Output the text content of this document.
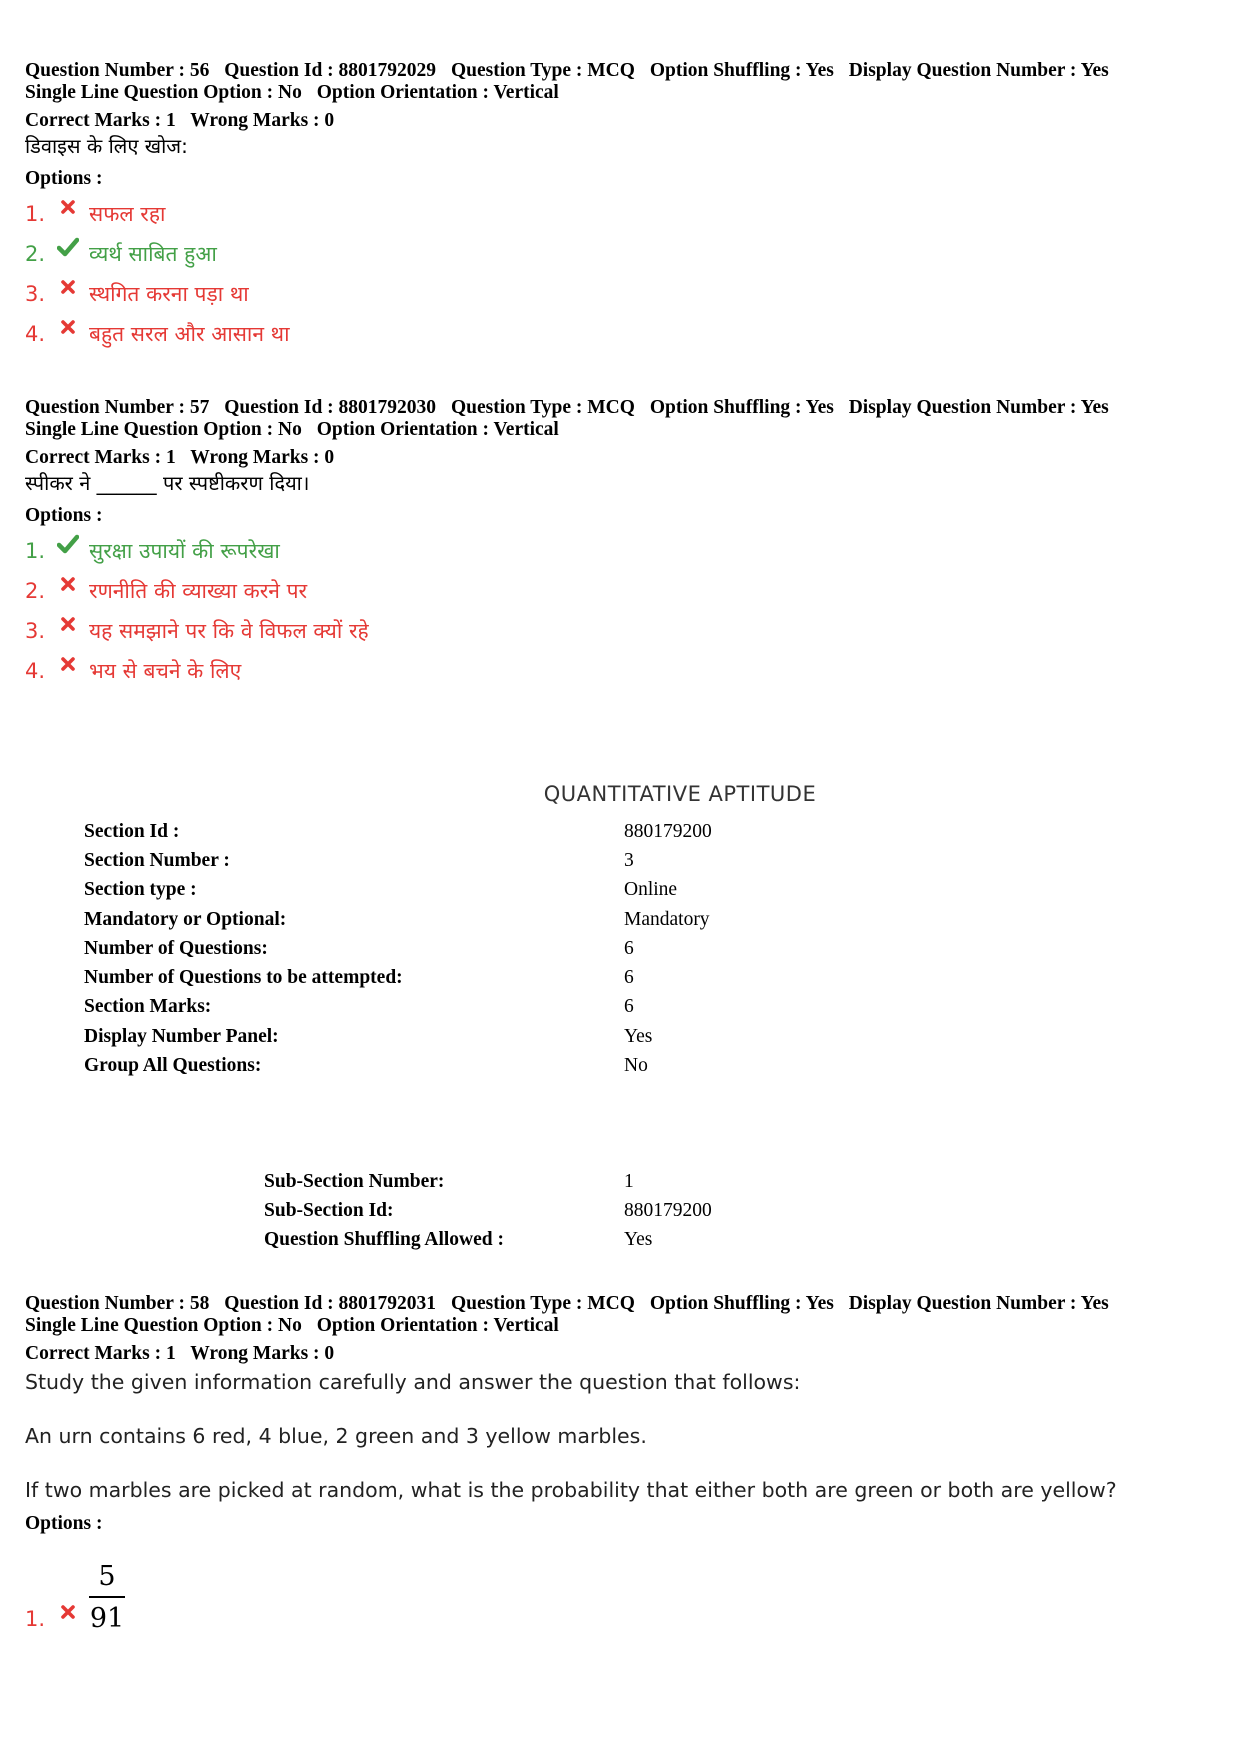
Question Number : 56 Question Id : 8801792029 Question Type : MCQ Option Shuffling : Yes Display Question Number : Yes
Single Line Question Option : No Option Orientation : Vertical
Correct Marks : 1 Wrong Marks : 0
डिवाइस के लिए खोज:
Options :
1.	सफल रहा
2.	व्यर्थ साबित हुआ
3.	स्थगित करना पड़ा था
4.	बहुत सरल और आसान था
Question Number : 57 Question Id : 8801792030 Question Type : MCQ Option Shuffling : Yes Display Question Number : Yes
Single Line Question Option : No Option Orientation : Vertical
Correct Marks : 1 Wrong Marks : 0
स्पीकर ने ______ पर स्पष्टीकरण दिया।
Options :
1.	सुरक्षा उपायों की रूपरेखा
2.	रणनीति की व्याख्या करने पर
3.	यह समझाने पर कि वे विफल क्यों रहे
4.	भय से बचने के लिए
QUANTITATIVE APTITUDE
Section Id :	880179200
Section Number :	3
Section type :	Online
Mandatory or Optional:	Mandatory
Number of Questions:	6
Number of Questions to be attempted:	6
Section Marks:	6
Display Number Panel:	Yes
Group All Questions:	No
Sub-Section Number:	1
Sub-Section Id:	880179200
Question Shuffling Allowed :	Yes
Question Number : 58 Question Id : 8801792031 Question Type : MCQ Option Shuffling : Yes Display Question Number : Yes
Single Line Question Option : No Option Orientation : Vertical
Correct Marks : 1 Wrong Marks : 0
Study the given information carefully and answer the question that follows:
An urn contains 6 red, 4 blue, 2 green and 3 yellow marbles.
If two marbles are picked at random, what is the probability that either both are green or both are yellow?
Options :
1.	$\frac{5}{91}$
